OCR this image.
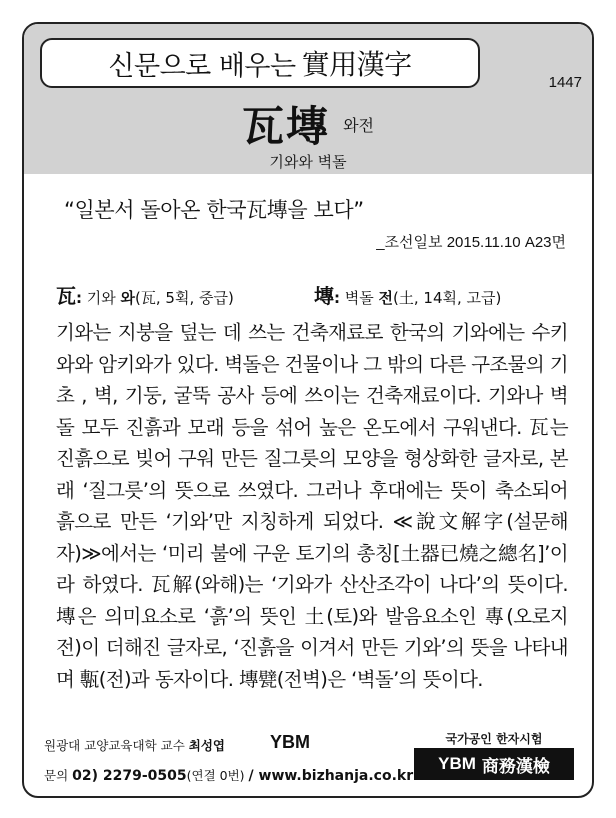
신문으로 배우는 實用漢字
1447
瓦塼 와전
기와와 벽돌
“일본서 돌아온 한국瓦塼을 보다”
_조선일보 2015.11.10 A23면
瓦: 기와 와(瓦, 5획, 중급)	塼: 벽돌 전(土, 14획, 고급)
기와는 지붕을 덮는 데 쓰는 건축재료로 한국의 기와에는 수키와와 암키와가 있다. 벽돌은 건물이나 그 밖의 다른 구조물의 기초 , 벽, 기둥, 굴뚝 공사 등에 쓰이는 건축재료이다. 기와나 벽돌 모두 진흙과 모래 등을 섞어 높은 온도에서 구워낸다. 瓦는 진흙으로 빚어 구워 만든 질그릇의 모양을 형상화한 글자로, 본래 ‘질그릇’의 뜻으로 쓰였다. 그러나 후대에는 뜻이 축소되어 흙으로 만든 ‘기와’만 지칭하게 되었다. ≪說文解字(설문해자)≫에서는 ‘미리 불에 구운 토기의 총칭[土器已燒之總名]’이라 하였다. 瓦解(와해)는 ‘기와가 산산조각이 나다’의 뜻이다. 塼은 의미요소로 ‘흙’의 뜻인 土(토)와 발음요소인 專(오로지 전)이 더해진 글자로, ‘진흙을 이겨서 만든 기와’의 뜻을 나타내며 甎(전)과 동자이다. 塼甓(전벽)은 ‘벽돌’의 뜻이다.
원광대 교양교육대학 교수 최성엽	YBM
문의 02) 2279-0505(연결 0번) / www.bizhanja.co.kr
국가공인 한자시험
YBM 商務漢檢
